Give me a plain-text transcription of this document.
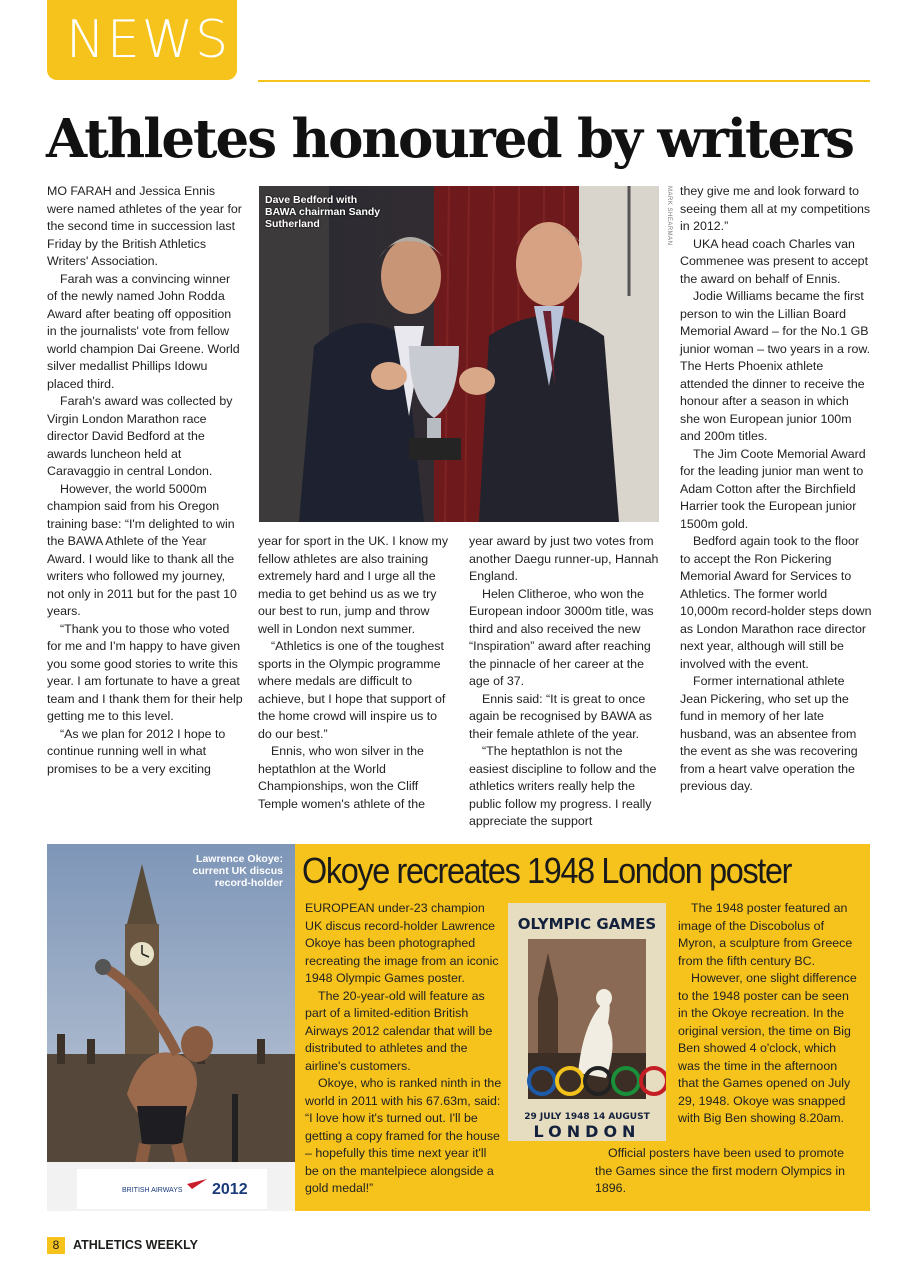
NEWS
Athletes honoured by writers

MO FARAH and Jessica Ennis were named athletes of the year for the second time in succession last Friday by the British Athletics Writers' Association.

Farah was a convincing winner of the newly named John Rodda Award after beating off opposition in the journalists' vote from fellow world champion Dai Greene. World silver medallist Phillips Idowu placed third.

Farah's award was collected by Virgin London Marathon race director David Bedford at the awards luncheon held at Caravaggio in central London.

However, the world 5000m champion said from his Oregon training base: “I'm delighted to win the BAWA Athlete of the Year Award. I would like to thank all the writers who followed my journey, not only in 2011 but for the past 10 years.

“Thank you to those who voted for me and I'm happy to have given you some good stories to write this year. I am fortunate to have a great team and I thank them for their help getting me to this level.

“As we plan for 2012 I hope to continue running well in what promises to be a very exciting

MARK SHEARMAN
Dave Bedford with BAWA chairman Sandy Sutherland

year for sport in the UK. I know my fellow athletes are also training extremely hard and I urge all the media to get behind us as we try our best to run, jump and throw well in London next summer.

“Athletics is one of the toughest sports in the Olympic programme where medals are difficult to achieve, but I hope that support of the home crowd will inspire us to do our best.”

Ennis, who won silver in the heptathlon at the World Championships, won the Cliff Temple women's athlete of the

year award by just two votes from another Daegu runner-up, Hannah England.

Helen Clitheroe, who won the European indoor 3000m title, was third and also received the new “Inspiration” award after reaching the pinnacle of her career at the age of 37.

Ennis said: “It is great to once again be recognised by BAWA as their female athlete of the year.

“The heptathlon is not the easiest discipline to follow and the athletics writers really help the public follow my progress. I really appreciate the support

they give me and look forward to seeing them all at my competitions in 2012.”

UKA head coach Charles van Commenee was present to accept the award on behalf of Ennis.

Jodie Williams became the first person to win the Lillian Board Memorial Award – for the No.1 GB junior woman – two years in a row. The Herts Phoenix athlete attended the dinner to receive the honour after a season in which she won European junior 100m and 200m titles.

The Jim Coote Memorial Award for the leading junior man went to Adam Cotton after the Birchfield Harrier took the European junior 1500m gold.

Bedford again took to the floor to accept the Ron Pickering Memorial Award for Services to Athletics. The former world 10,000m record-holder steps down as London Marathon race director next year, although will still be involved with the event.

Former international athlete Jean Pickering, who set up the fund in memory of her late husband, was an absentee from the event as she was recovering from a heart valve operation the previous day.

BRITISH AIRWAYS 2012
Lawrence Okoye: current UK discus record-holder Okoye recreates 1948 London poster

EUROPEAN under-23 champion UK discus record-holder Lawrence Okoye has been photographed recreating the image from an iconic 1948 Olympic Games poster.

The 20-year-old will feature as part of a limited-edition British Airways 2012 calendar that will be distributed to athletes and the airline's customers.

Okoye, who is ranked ninth in the world in 2011 with his 67.63m, said: “I love how it's turned out. I'll be getting a copy framed for the house – hopefully this time next year it'll be on the mantelpiece alongside a gold medal!”

OLYMPIC GAMES
29 JULY 1948 14 AUGUST
LONDON

The 1948 poster featured an image of the Discobolus of Myron, a sculpture from Greece from the fifth century BC.

However, one slight difference to the 1948 poster can be seen in the Okoye recreation. In the original version, the time on Big Ben showed 4 o'clock, which was the time in the afternoon that the Games opened on July 29, 1948. Okoye was snapped with Big Ben showing 8.20am.

Official posters have been used to promote the Games since the first modern Olympics in 1896.

8	ATHLETICS WEEKLY
